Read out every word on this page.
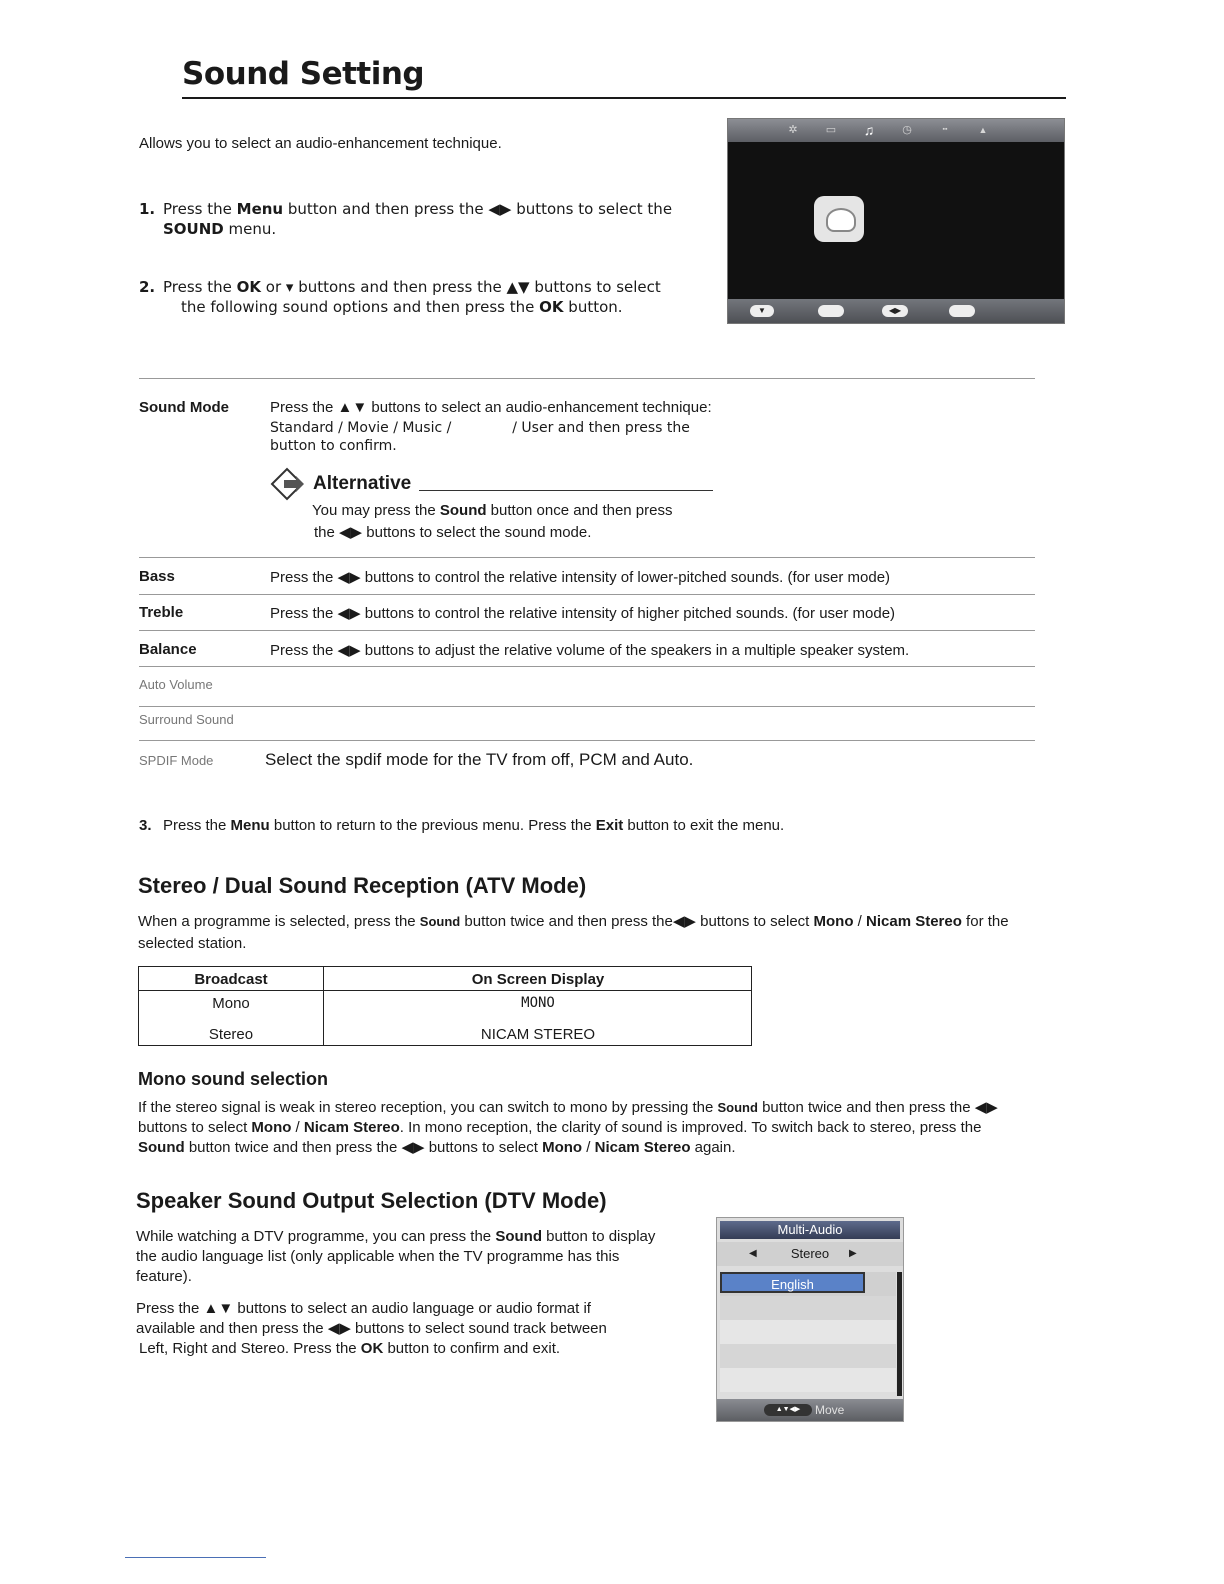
Sound Setting
Allows you to select an audio-enhancement technique.
1. Press the Menu button and then press the ◀▶ buttons to select the
SOUND menu.
2. Press the OK or ▾ buttons and then press the ▲▼ buttons to select
the following sound options and then press the OK button.
✲	▭ ♫	◷	▪▪	▲
▼	◀▶
Sound Mode	Press the ▲▼ buttons to select an audio-enhancement technique:
Standard / Movie / Music /	/ User and then press the
button to confirm.
Alternative
You may press the Sound button once and then press
the ◀▶ buttons to select the sound mode.
Bass	Press the ◀▶ buttons to control the relative intensity of lower-pitched sounds. (for user mode)
Treble	Press the ◀▶ buttons to control the relative intensity of higher pitched sounds. (for user mode)
Balance	Press the ◀▶ buttons to adjust the relative volume of the speakers in a multiple speaker system.
Auto Volume
Surround Sound
SPDIF Mode	Select the spdif mode for the TV from off, PCM and Auto.
3. Press the Menu button to return to the previous menu. Press the Exit button to exit the menu.
Stereo / Dual Sound Reception (ATV Mode)
When a programme is selected, press the Sound button twice and then press the◀▶ buttons to select Mono / Nicam Stereo for the
selected station.
Broadcast	On Screen Display
Mono	MONO
Stereo	NICAM STEREO
Mono sound selection
If the stereo signal is weak in stereo reception, you can switch to mono by pressing the Sound button twice and then press the ◀▶
buttons to select Mono / Nicam Stereo. In mono reception, the clarity of sound is improved. To switch back to stereo, press the
Sound button twice and then press the ◀▶ buttons to select Mono / Nicam Stereo again.
Speaker Sound Output Selection (DTV Mode)
While watching a DTV programme, you can press the Sound button to display
the audio language list (only applicable when the TV programme has this
feature).
Press the ▲▼ buttons to select an audio language or audio format if
available and then press the ◀▶ buttons to select sound track between
Left, Right and Stereo. Press the OK button to confirm and exit.
Multi-Audio
◀	Stereo ▶
English
▲▼◀▶	Move
